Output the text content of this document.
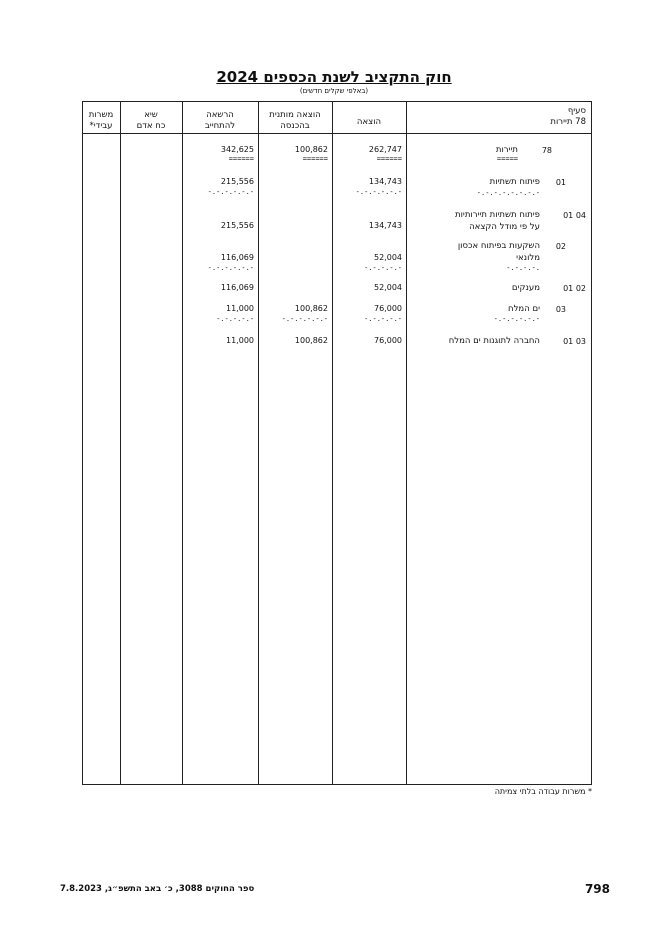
חוק התקציב לשנת הכספים 2024
(באלפי שקלים חדשים)
סעיף
78 תיירות
הוצאה
הוצאה מותנית
בהכנסה
הרשאה
להתחייב
שיא
כח אדם
משרות
עבידי*
78
תיירות
=====
262,747
======
100,862
======
342,625
======
01
פיתוח תשתיות
-.-.-.-.-.-.-.-
134,743
-.-.-.-.-.-
215,556
-.-.-.-.-.-
01 04
פיתוח תשתיות תיירותיות
על פי מודל הקצאה
134,743
215,556
02
השקעות בפיתוח אכסון
מלונאי
-.-.-.-.
52,004
-.-.-.-.-
116,069
-.-.-.-.-.-
01 02
מענקים
52,004
116,069
03
ים המלח
-.-.-.-.-.-
76,000
-.-.-.-.-
100,862
-.-.-.-.-.-
11,000
-.-.-.-.-
01 03
החברה לתוגנות ים המלח
76,000
100,862
11,000
* משרות עבודה בלתי צמיתה
ספר החוקים 3088, כ׳ באב התשפ״ג, 7.8.2023	798
